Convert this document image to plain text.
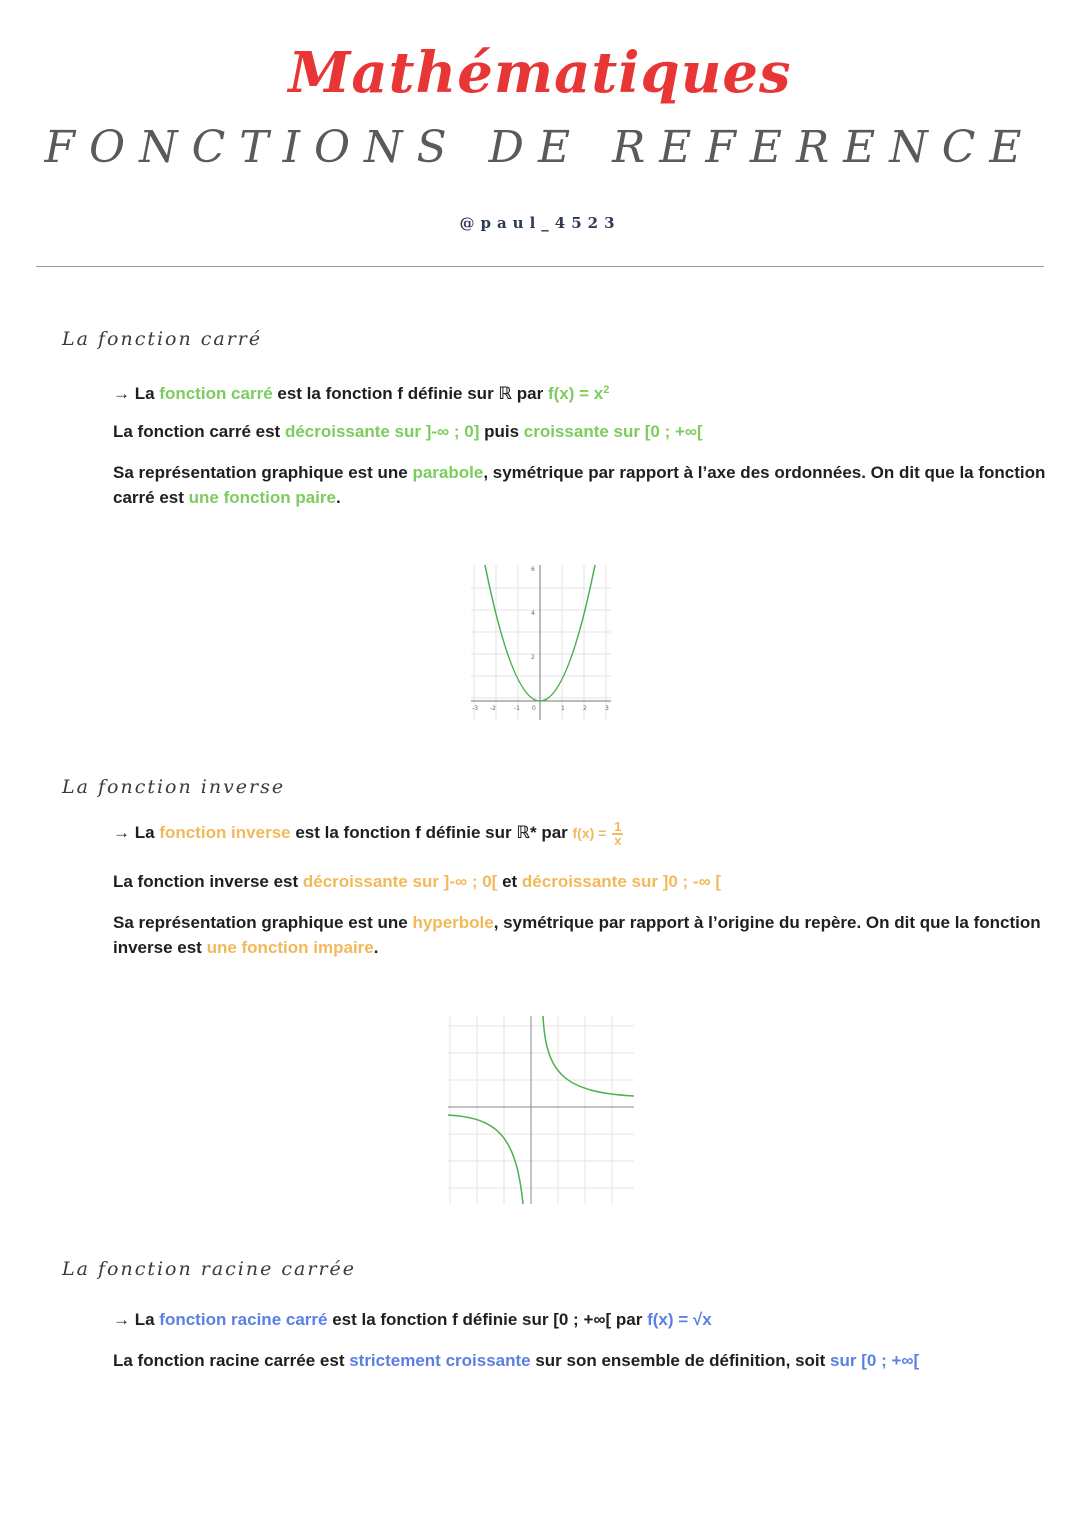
Mathématiques
FONCTIONS DE REFERENCE
@paul_4523
La fonction carré
→ La fonction carré est la fonction f définie sur ℝ par $f(x) = x^2$
La fonction carré est décroissante sur ]-∞ ; 0] puis croissante sur [0 ; +∞[
Sa représentation graphique est une parabole, symétrique par rapport à l’axe des ordonnées. On dit que la fonction carré est une fonction paire.
-3 -2	-1 0	1	2	3
2
4
6
La fonction inverse
→ La fonction inverse est la fonction f définie sur ℝ* par $f(x) = \frac{1}{x}$
La fonction inverse est décroissante sur ]-∞ ; 0[ et décroissante sur ]0 ; -∞ [
Sa représentation graphique est une hyperbole, symétrique par rapport à l’origine du repère. On dit que la fonction inverse est une fonction impaire.
La fonction racine carrée
→ La fonction racine carré est la fonction f définie sur [0 ; +∞[ par f(x) = √x
La fonction racine carrée est strictement croissante sur son ensemble de définition, soit sur [0 ; +∞[
